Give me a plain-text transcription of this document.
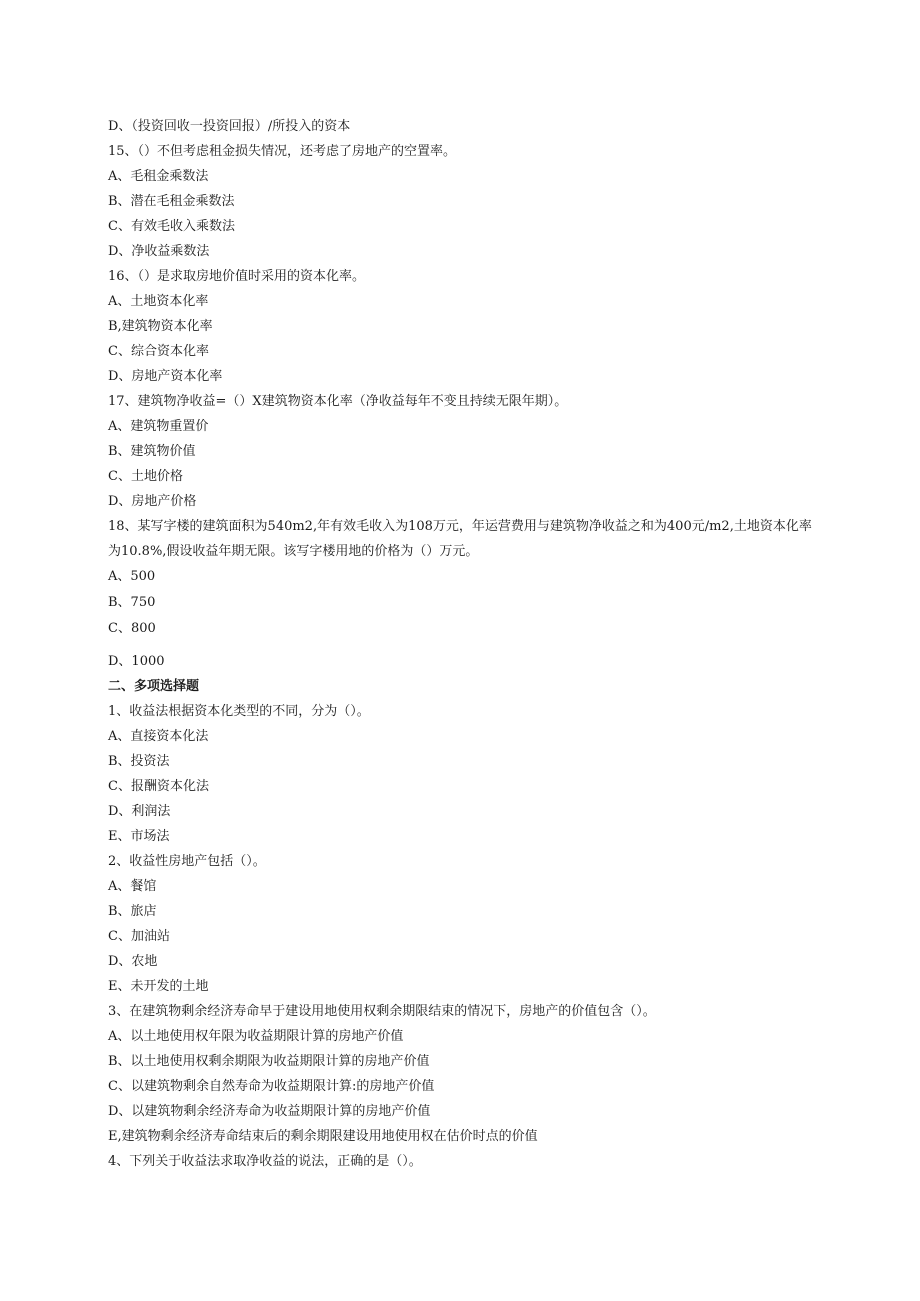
D、（投资回收一投资回报）/所投入的资本
15、（）不但考虑租金损失情况，还考虑了房地产的空置率。
A、毛租金乘数法
B、潜在毛租金乘数法
C、有效毛收入乘数法
D、净收益乘数法
16、（）是求取房地价值时采用的资本化率。
A、土地资本化率
B,建筑物资本化率
C、综合资本化率
D、房地产资本化率
17、建筑物净收益=（）X建筑物资本化率（净收益每年不变且持续无限年期）。
A、建筑物重置价
B、建筑物价值
C、土地价格
D、房地产价格
18、某写字楼的建筑面积为540m2,年有效毛收入为108万元，年运营费用与建筑物净收益之和为400元/m2,土地资本化率为10.8%,假设收益年期无限。该写字楼用地的价格为（）万元。
A、500
B、750
C、800
D、1000
二、多项选择题
1、收益法根据资本化类型的不同，分为（）。
A、直接资本化法
B、投资法
C、报酬资本化法
D、利润法
E、市场法
2、收益性房地产包括（）。
A、餐馆
B、旅店
C、加油站
D、农地
E、未开发的土地
3、在建筑物剩余经济寿命早于建设用地使用权剩余期限结束的情况下，房地产的价值包含（）。
A、以土地使用权年限为收益期限计算的房地产价值
B、以土地使用权剩余期限为收益期限计算的房地产价值
C、以建筑物剩余自然寿命为收益期限计算:的房地产价值
D、以建筑物剩余经济寿命为收益期限计算的房地产价值
E,建筑物剩余经济寿命结束后的剩余期限建设用地使用权在估价时点的价值
4、下列关于收益法求取净收益的说法，正确的是（）。
